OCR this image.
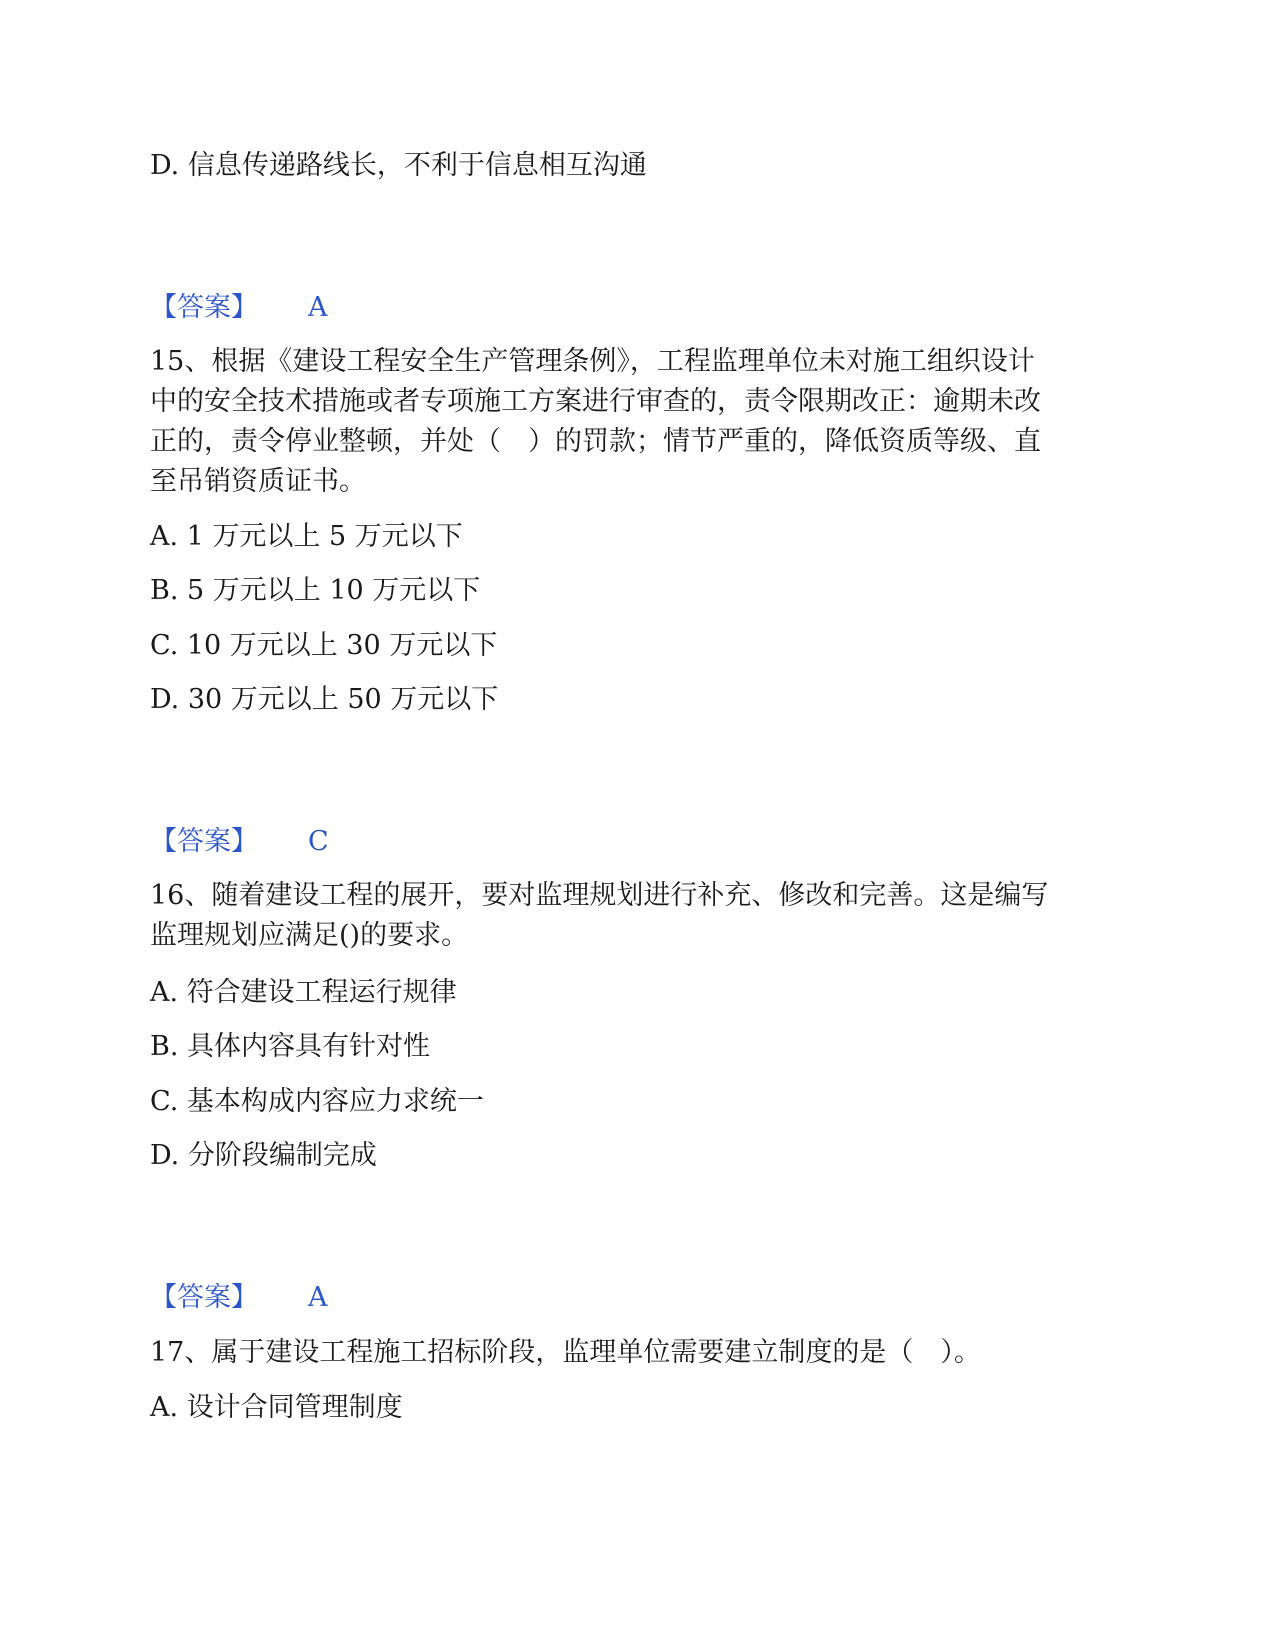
D. 信息传递路线长，不利于信息相互沟通
【答案】 A
15、根据《建设工程安全生产管理条例》，工程监理单位未对施工组织设计
中的安全技术措施或者专项施工方案进行审查的，责令限期改正：逾期未改
正的，责令停业整顿，并处（　）的罚款；情节严重的，降低资质等级、直
至吊销资质证书。
A. 1 万元以上 5 万元以下
B. 5 万元以上 10 万元以下
C. 10 万元以上 30 万元以下
D. 30 万元以上 50 万元以下
【答案】 C
16、随着建设工程的展开，要对监理规划进行补充、修改和完善。这是编写
监理规划应满足()的要求。
A. 符合建设工程运行规律
B. 具体内容具有针对性
C. 基本构成内容应力求统一
D. 分阶段编制完成
【答案】 A
17、属于建设工程施工招标阶段，监理单位需要建立制度的是（　）。
A. 设计合同管理制度
